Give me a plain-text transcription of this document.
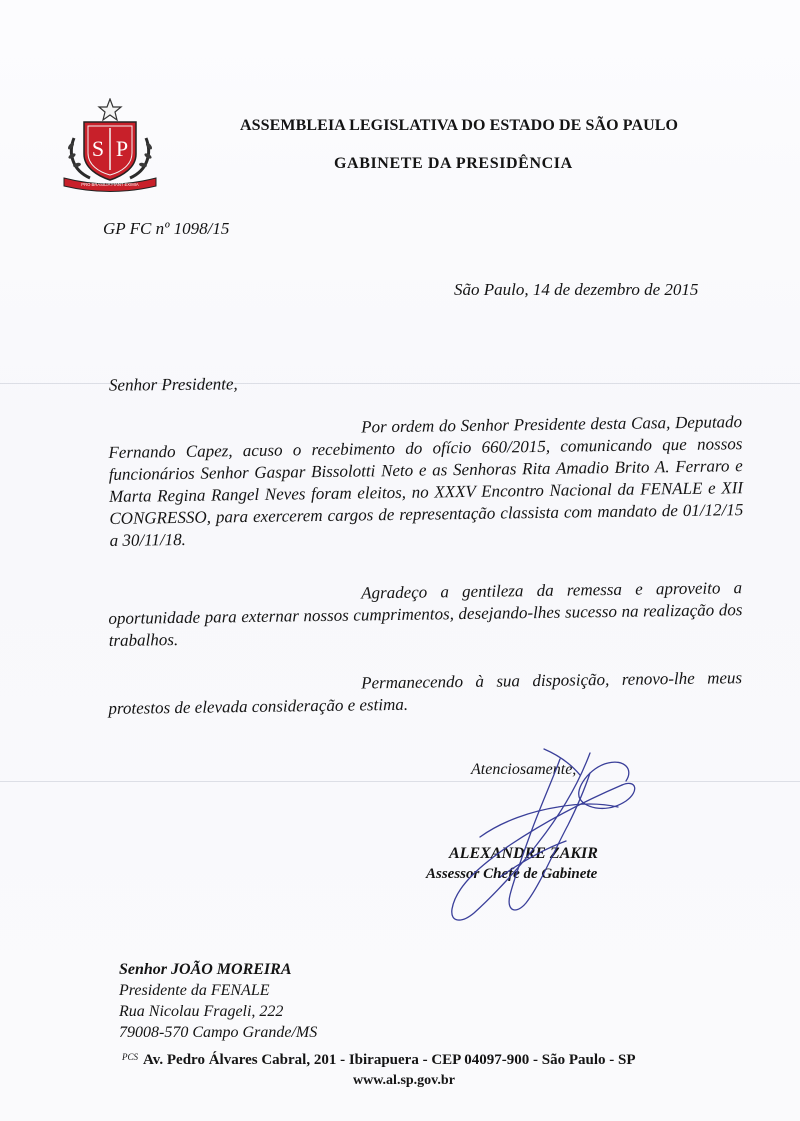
S P
PRO BRASILIA FIANT EXIMIA
ASSEMBLEIA LEGISLATIVA DO ESTADO DE SÃO PAULO
GABINETE DA PRESIDÊNCIA
GP FC nº 1098/15
São Paulo, 14 de dezembro de 2015
Senhor Presidente,
Por ordem do Senhor Presidente desta Casa, Deputado Fernando Capez, acuso o recebimento do ofício 660/2015, comunicando que nossos funcionários Senhor Gaspar Bissolotti Neto e as Senhoras Rita Amadio Brito A. Ferraro e Marta Regina Rangel Neves foram eleitos, no XXXV Encontro Nacional da FENALE e XII CONGRESSO, para exercerem cargos de representação classista com mandato de 01/12/15 a 30/11/18.
Agradeço a gentileza da remessa e aproveito a oportunidade para externar nossos cumprimentos, desejando-lhes sucesso na realização dos trabalhos.
Permanecendo à sua disposição, renovo-lhe meus protestos de elevada consideração e estima.
Atenciosamente,
ALEXANDRE ZAKIR
Assessor Chefe de Gabinete
Senhor JOÃO MOREIRA
Presidente da FENALE
Rua Nicolau Frageli, 222
79008-570 Campo Grande/MS
PCS Av. Pedro Álvares Cabral, 201 - Ibirapuera - CEP 04097-900 - São Paulo - SP
www.al.sp.gov.br
